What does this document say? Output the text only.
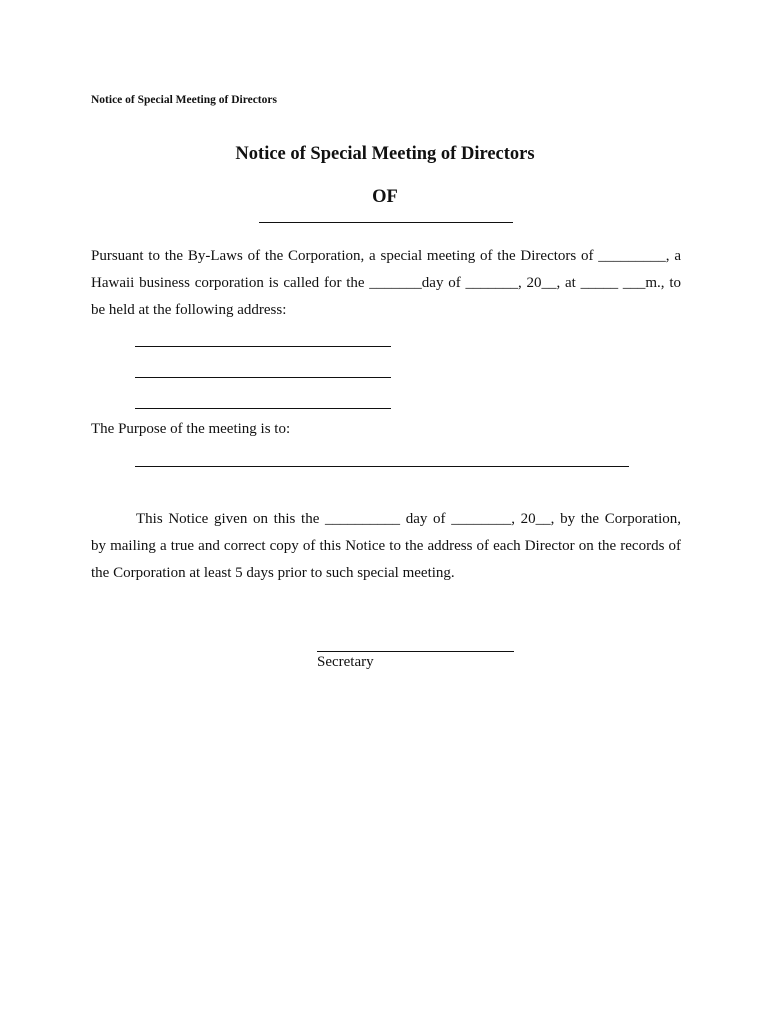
Notice of Special Meeting of Directors
Notice of Special Meeting of Directors
OF
Pursuant to the By-Laws of the Corporation, a special meeting of the Directors of _________, a
Hawaii business corporation is called for the _______day of _______, 20__, at _____ ___m., to
be held at the following address:
The Purpose of the meeting is to:
This Notice given on this the __________ day of ________, 20__, by the Corporation,
by mailing a true and correct copy of this Notice to the address of each Director on the records of
the Corporation at least 5 days prior to such special meeting.
Secretary
